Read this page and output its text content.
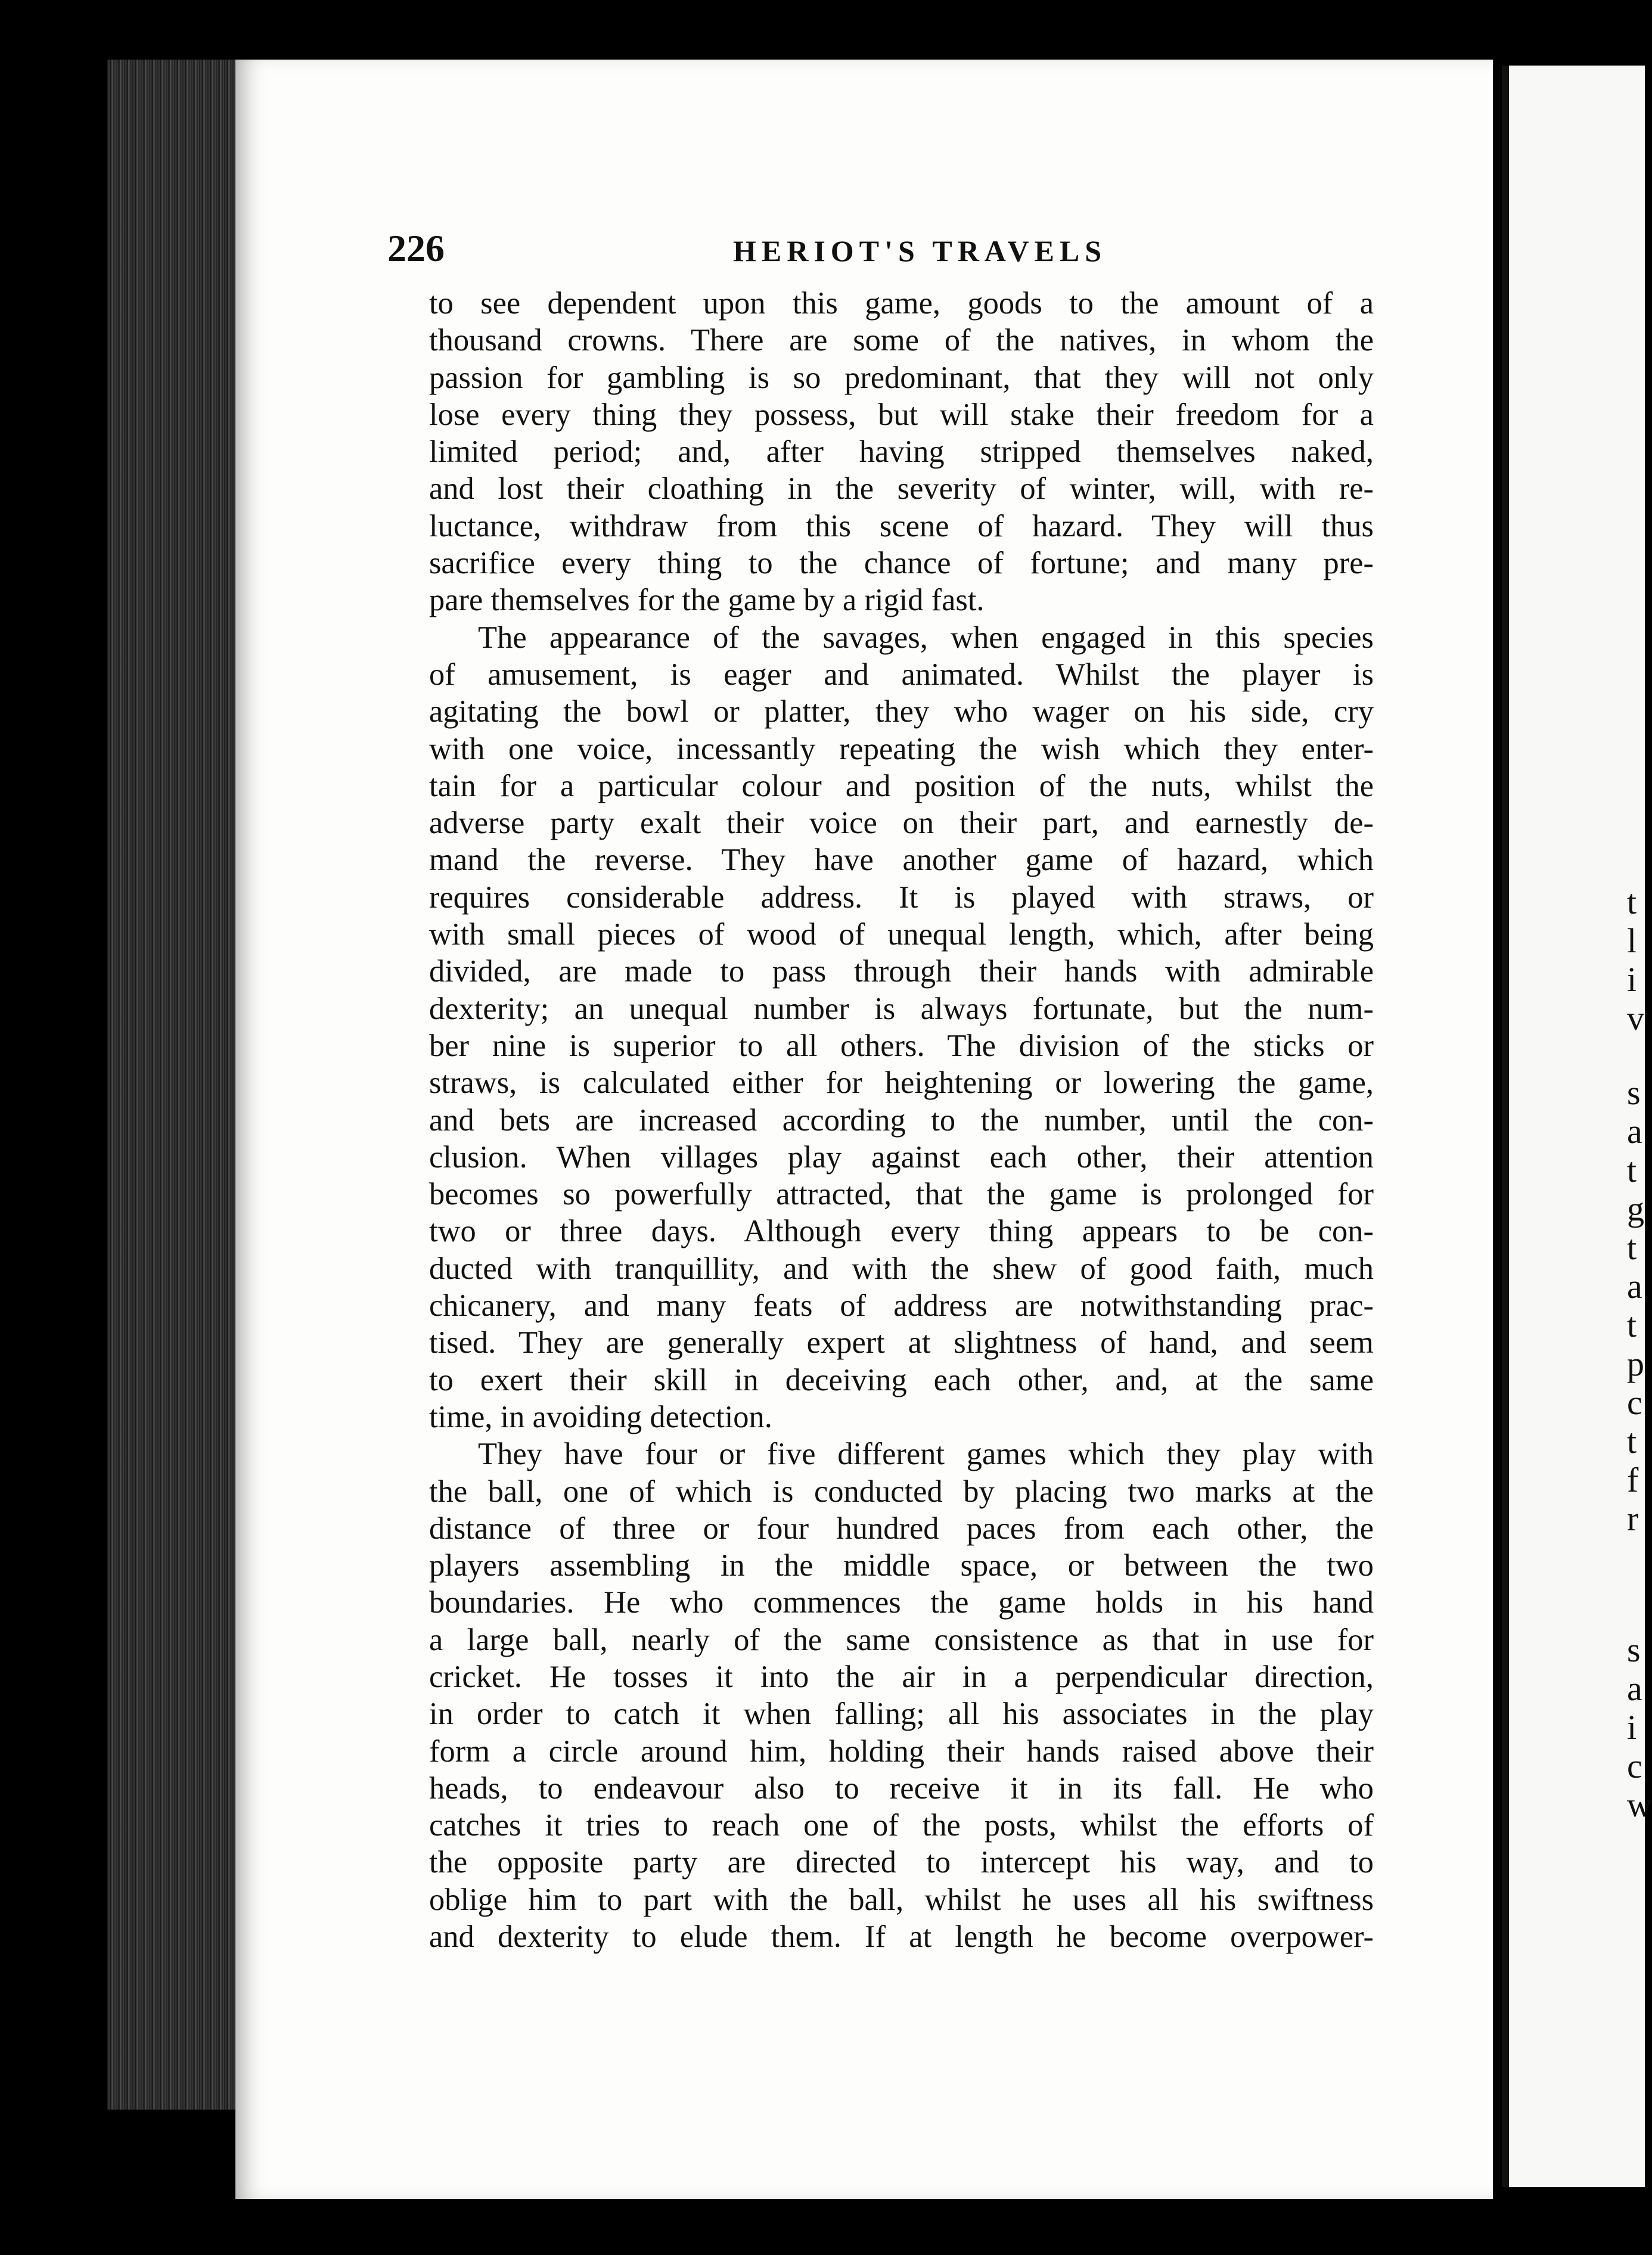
t
l
i
v
s
a
t
g
t
a
t
p
c
t
f
r
s
a
i
c
w
226	HERIOT'S TRAVELS
to see dependent upon this game, goods to the amount of a
thousand crowns. There are some of the natives, in whom the
passion for gambling is so predominant, that they will not only
lose every thing they possess, but will stake their freedom for a
limited period; and, after having stripped themselves naked,
and lost their cloathing in the severity of winter, will, with re-
luctance, withdraw from this scene of hazard. They will thus
sacrifice every thing to the chance of fortune; and many pre-
pare themselves for the game by a rigid fast.
The appearance of the savages, when engaged in this species
of amusement, is eager and animated. Whilst the player is
agitating the bowl or platter, they who wager on his side, cry
with one voice, incessantly repeating the wish which they enter-
tain for a particular colour and position of the nuts, whilst the
adverse party exalt their voice on their part, and earnestly de-
mand the reverse. They have another game of hazard, which
requires considerable address. It is played with straws, or
with small pieces of wood of unequal length, which, after being
divided, are made to pass through their hands with admirable
dexterity; an unequal number is always fortunate, but the num-
ber nine is superior to all others. The division of the sticks or
straws, is calculated either for heightening or lowering the game,
and bets are increased according to the number, until the con-
clusion. When villages play against each other, their attention
becomes so powerfully attracted, that the game is prolonged for
two or three days. Although every thing appears to be con-
ducted with tranquillity, and with the shew of good faith, much
chicanery, and many feats of address are notwithstanding prac-
tised. They are generally expert at slightness of hand, and seem
to exert their skill in deceiving each other, and, at the same
time, in avoiding detection.
They have four or five different games which they play with
the ball, one of which is conducted by placing two marks at the
distance of three or four hundred paces from each other, the
players assembling in the middle space, or between the two
boundaries. He who commences the game holds in his hand
a large ball, nearly of the same consistence as that in use for
cricket. He tosses it into the air in a perpendicular direction,
in order to catch it when falling; all his associates in the play
form a circle around him, holding their hands raised above their
heads, to endeavour also to receive it in its fall. He who
catches it tries to reach one of the posts, whilst the efforts of
the opposite party are directed to intercept his way, and to
oblige him to part with the ball, whilst he uses all his swiftness
and dexterity to elude them. If at length he become overpower-
